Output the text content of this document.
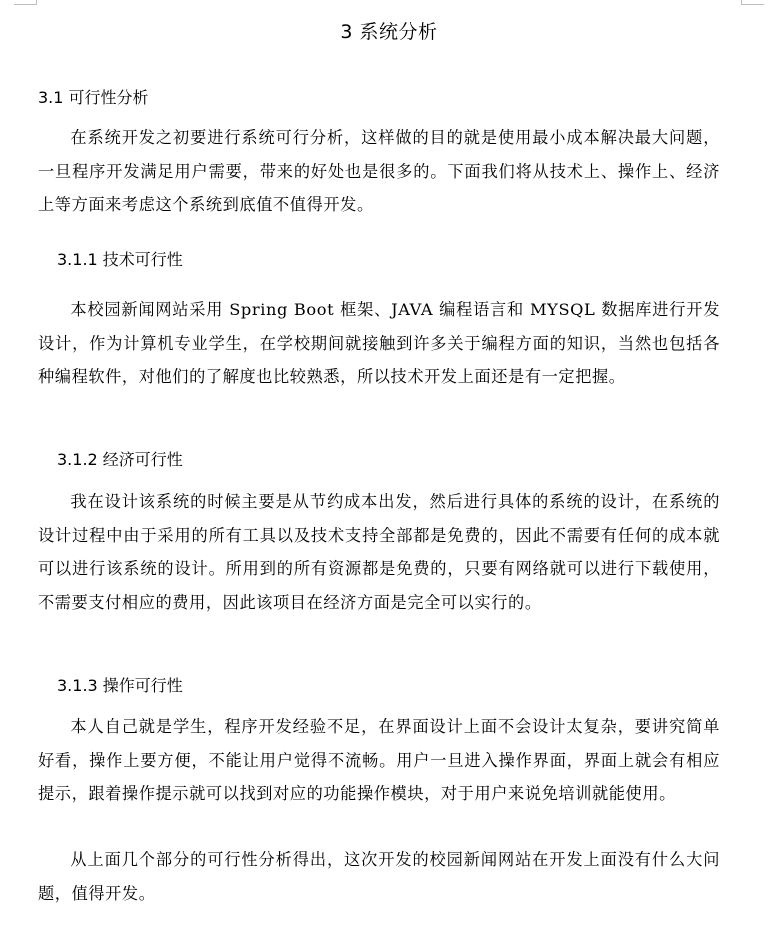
3 系统分析
3.1 可行性分析

在系统开发之初要进行系统可行分析，这样做的目的就是使用最小成本解决最大问题，一旦程序开发满足用户需要，带来的好处也是很多的。下面我们将从技术上、操作上、经济上等方面来考虑这个系统到底值不值得开发。

3.1.1 技术可行性

本校园新闻网站采用 Spring Boot 框架、JAVA 编程语言和 MYSQL 数据库进行开发设计，作为计算机专业学生，在学校期间就接触到许多关于编程方面的知识，当然也包括各种编程软件，对他们的了解度也比较熟悉，所以技术开发上面还是有一定把握。

3.1.2 经济可行性

我在设计该系统的时候主要是从节约成本出发，然后进行具体的系统的设计，在系统的设计过程中由于采用的所有工具以及技术支持全部都是免费的，因此不需要有任何的成本就可以进行该系统的设计。所用到的所有资源都是免费的，只要有网络就可以进行下载使用，不需要支付相应的费用，因此该项目在经济方面是完全可以实行的。

3.1.3 操作可行性

本人自己就是学生，程序开发经验不足，在界面设计上面不会设计太复杂，要讲究简单好看，操作上要方便，不能让用户觉得不流畅。用户一旦进入操作界面，界面上就会有相应提示，跟着操作提示就可以找到对应的功能操作模块，对于用户来说免培训就能使用。

从上面几个部分的可行性分析得出，这次开发的校园新闻网站在开发上面没有什么大问题，值得开发。
